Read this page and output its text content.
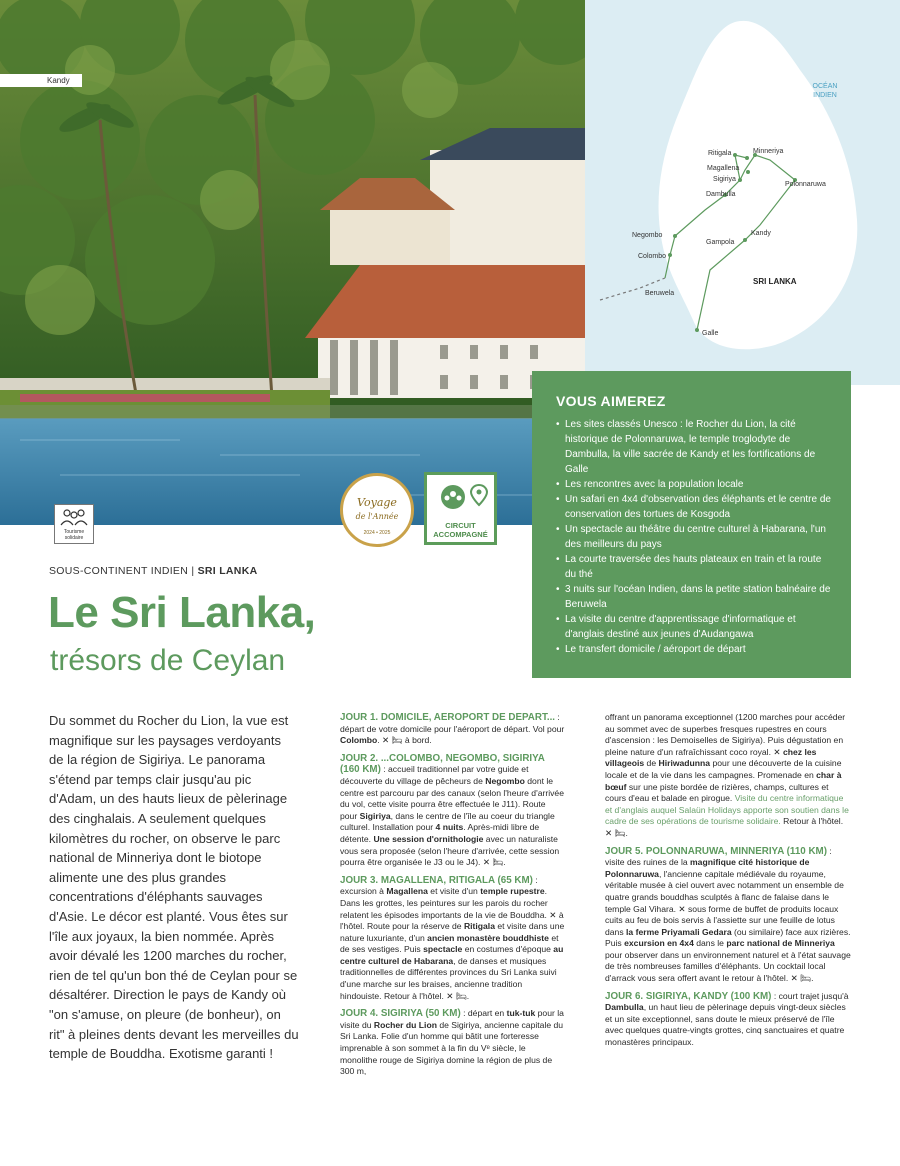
Kandy
OCÉAN INDIEN
Ritigala	Minneriya
Magallena
Sigiriya
Polonnaruwa
Dambulla
Negombo	Kandy
Gampola
Colombo
Beruwela
Galle
SRI LANKA
Tourisme solidaire
Voyage
de l'Année
2024 • 2025
CIRCUIT
ACCOMPAGNÉ
VOUS AIMEREZ
• Les sites classés Unesco : le Rocher du Lion, la cité historique de Polonnaruwa, le temple troglodyte de Dambulla, la ville sacrée de Kandy et les fortifications de Galle
• Les rencontres avec la population locale
• Un safari en 4x4 d'observation des éléphants et le centre de conservation des tortues de Kosgoda
• Un spectacle au théâtre du centre culturel à Habarana, l'un des meilleurs du pays
• La courte traversée des hauts plateaux en train et la route du thé
• 3 nuits sur l'océan Indien, dans la petite station balnéaire de Beruwela
• La visite du centre d'apprentissage d'informatique et d'anglais destiné aux jeunes d'Audangawa
• Le transfert domicile / aéroport de départ
SOUS-CONTINENT INDIEN | SRI LANKA
Le Sri Lanka,
trésors de Ceylan
Du sommet du Rocher du Lion, la vue est magnifique sur les paysages verdoyants de la région de Sigiriya. Le panorama s'étend par temps clair jusqu'au pic d'Adam, un des hauts lieux de pèlerinage des cinghalais. A seulement quelques kilomètres du rocher, on observe le parc national de Minneriya dont le biotope alimente une des plus grandes concentrations d'éléphants sauvages d'Asie. Le décor est planté. Vous êtes sur l'île aux joyaux, la bien nommée. Après avoir dévalé les 1200 marches du rocher, rien de tel qu'un bon thé de Ceylan pour se désaltérer. Direction le pays de Kandy où "on s'amuse, on pleure (de bonheur), on rit" à pleines dents devant les merveilles du temple de Bouddha. Exotisme garanti !

JOUR 1. DOMICILE, AEROPORT DE DEPART... : départ de votre domicile pour l'aéroport de départ. Vol pour Colombo. ✕ 🛏 à bord.

JOUR 2. ...COLOMBO, NEGOMBO, SIGIRIYA
(160 KM) : accueil traditionnel par votre guide et découverte du village de pêcheurs de Negombo dont le centre est parcouru par des canaux (selon l'heure d'arrivée du vol, cette visite pourra être effectuée le J11). Route pour Sigiriya, dans le centre de l'île au coeur du triangle culturel. Installation pour 4 nuits. Après-midi libre de détente. Une session d'ornithologie avec un naturaliste vous sera proposée (selon l'heure d'arrivée, cette session pourra être organisée le J3 ou le J4). ✕ 🛏.

JOUR 3. MAGALLENA, RITIGALA (65 KM) : excursion à Magallena et visite d'un temple rupestre. Dans les grottes, les peintures sur les parois du rocher relatent les épisodes importants de la vie de Bouddha. ✕ à l'hôtel. Route pour la réserve de Ritigala et visite dans une nature luxuriante, d'un ancien monastère bouddhiste et de ses vestiges. Puis spectacle en costumes d'époque au centre culturel de Habarana, de danses et musiques traditionnelles de différentes provinces du Sri Lanka suivi d'une marche sur les braises, ancienne tradition hindouiste. Retour à l'hôtel. ✕ 🛏.

JOUR 4. SIGIRIYA (50 KM) : départ en tuk-tuk pour la visite du Rocher du Lion de Sigiriya, ancienne capitale du Sri Lanka. Folie d'un homme qui bâtit une forteresse imprenable à son sommet à la fin du Vᵉ siècle, le monolithe rouge de Sigiriya domine la région de plus de 300 m,

offrant un panorama exceptionnel (1200 marches pour accéder au sommet avec de superbes fresques rupestres en cours d'ascension : les Demoiselles de Sigiriya). Puis dégustation en pleine nature d'un rafraîchissant coco royal. ✕ chez les villageois de Hiriwadunna pour une découverte de la cuisine locale et de la vie dans les campagnes. Promenade en char à bœuf sur une piste bordée de rizières, champs, cultures et cours d'eau et balade en pirogue. Visite du centre informatique et d'anglais auquel Salaün Holidays apporte son soutien dans le cadre de ses opérations de tourisme solidaire. Retour à l'hôtel. ✕ 🛏.

JOUR 5. POLONNARUWA, MINNERIYA (110 KM) : visite des ruines de la magnifique cité historique de Polonnaruwa, l'ancienne capitale médiévale du royaume, véritable musée à ciel ouvert avec notamment un ensemble de quatre grands bouddhas sculptés à flanc de falaise dans le temple Gal Vihara. ✕ sous forme de buffet de produits locaux cuits au feu de bois servis à l'assiette sur une feuille de lotus dans la ferme Priyamali Gedara (ou similaire) face aux rizières. Puis excursion en 4x4 dans le parc national de Minneriya pour observer dans un environnement naturel et à l'état sauvage de très nombreuses familles d'éléphants. Un cocktail local d'arrack vous sera offert avant le retour à l'hôtel. ✕ 🛏.

JOUR 6. SIGIRIYA, KANDY (100 KM) : court trajet jusqu'à Dambulla, un haut lieu de pèlerinage depuis vingt-deux siècles et un site exceptionnel, sans doute le mieux préservé de l'île avec quelques quatre-vingts grottes, cinq sanctuaires et quatre monastères principaux.
